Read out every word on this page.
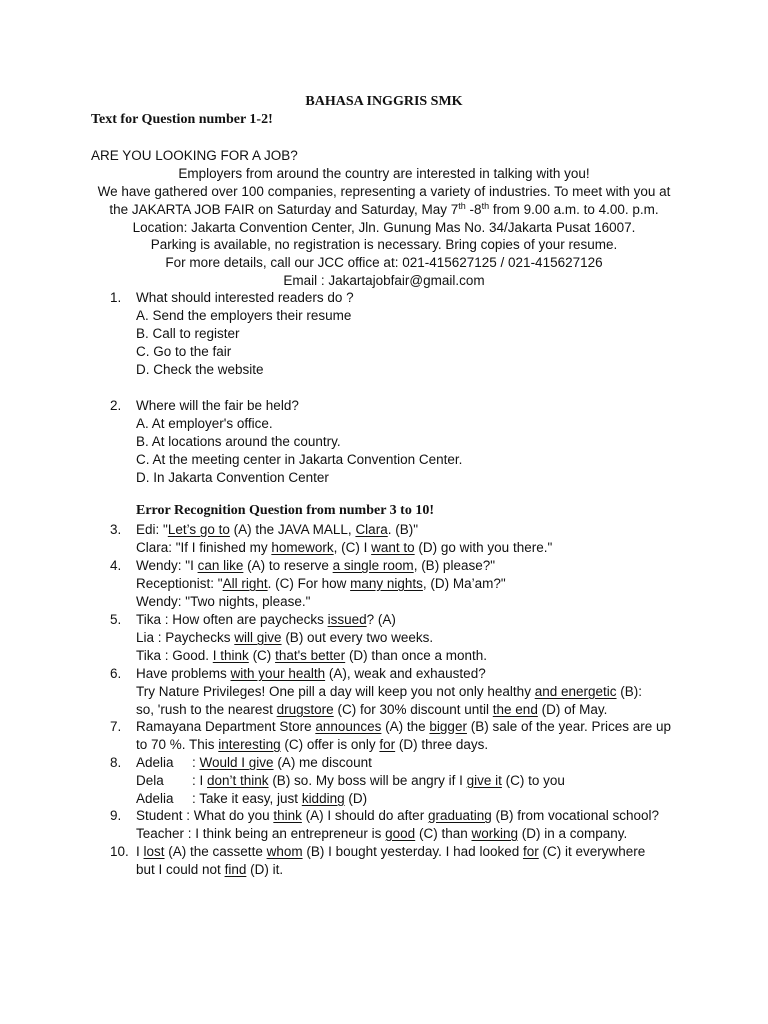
BAHASA INGGRIS SMK
Text for Question number 1-2!
ARE YOU LOOKING FOR A JOB?
Employers from around the country are interested in talking with you!
We have gathered over 100 companies, representing a variety of industries. To meet with you at
the JAKARTA JOB FAIR on Saturday and Saturday, May 7th -8th from 9.00 a.m. to 4.00. p.m.
Location: Jakarta Convention Center, Jln. Gunung Mas No. 34/Jakarta Pusat 16007.
Parking is available, no registration is necessary. Bring copies of your resume.
For more details, call our JCC office at: 021-415627125 / 021-415627126
Email : Jakartajobfair@gmail.com
1.	What should interested readers do ?
A. Send the employers their resume
B. Call to register
C. Go to the fair
D. Check the website
2.	Where will the fair be held?
A. At employer's office.
B. At locations around the country.
C. At the meeting center in Jakarta Convention Center.
D. In Jakarta Convention Center
Error Recognition Question from number 3 to 10!
3.	Edi: "Let’s go to (A) the JAVA MALL, Clara. (B)"
Clara: "If I finished my homework, (C) I want to (D) go with you there."
4.	Wendy: "I can like (A) to reserve a single room, (B) please?"
Receptionist: "All right. (C) For how many nights, (D) Ma’am?"
Wendy: "Two nights, please."
5.	Tika : How often are paychecks issued? (A)
Lia : Paychecks will give (B) out every two weeks.
Tika : Good. I think (C) that's better (D) than once a month.
6.	Have problems with your health (A), weak and exhausted?
Try Nature Privileges! One pill a day will keep you not only healthy and energetic (B):
so, 'rush to the nearest drugstore (C) for 30% discount until the end (D) of May.
7.	Ramayana Department Store announces (A) the bigger (B) sale of the year. Prices are up
to 70 %. This interesting (C) offer is only for (D) three days.
8.	Adelia : Would I give (A) me discount
Dela : I don’t think (B) so. My boss will be angry if I give it (C) to you
Adelia : Take it easy, just kidding (D)
9.	Student : What do you think (A) I should do after graduating (B) from vocational school?
Teacher : I think being an entrepreneur is good (C) than working (D) in a company.
10. I lost (A) the cassette whom (B) I bought yesterday. I had looked for (C) it everywhere
but I could not find (D) it.
